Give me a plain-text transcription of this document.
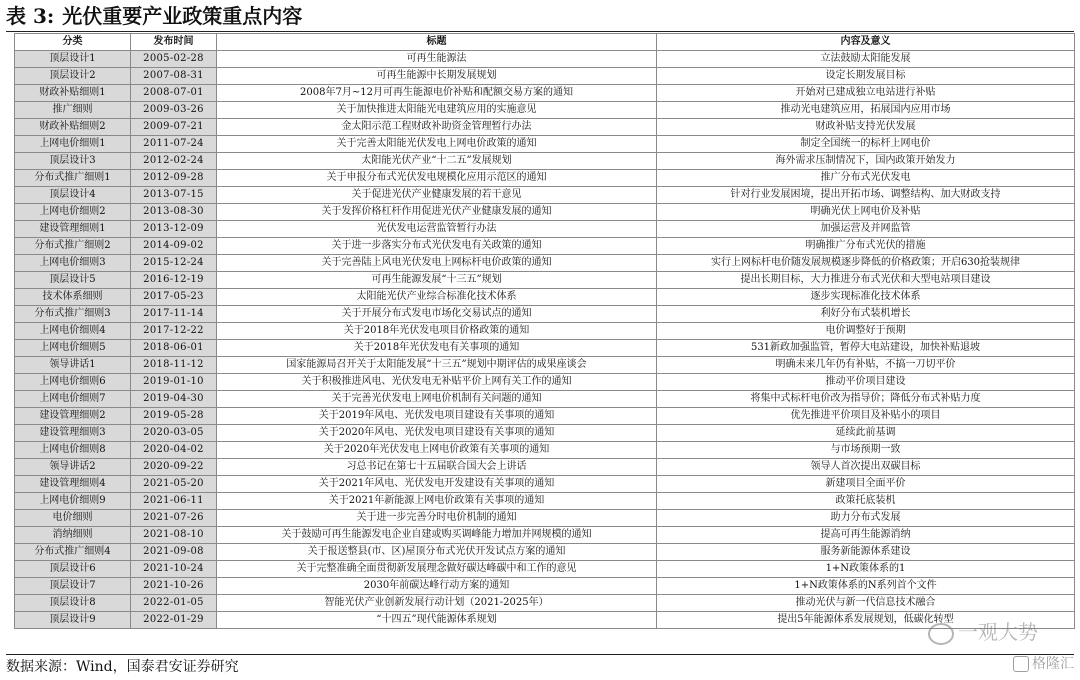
表 3: 光伏重要产业政策重点内容
分类	发布时间	标题	内容及意义
顶层设计1	2005-02-28	可再生能源法	立法鼓励太阳能发展
顶层设计2	2007-08-31	可再生能源中长期发展规划	设定长期发展目标
财政补贴细则1	2008-07-01	2008年7月~12月可再生能源电价补贴和配额交易方案的通知	开始对已建成独立电站进行补贴
推广细则	2009-03-26	关于加快推进太阳能光电建筑应用的实施意见	推动光电建筑应用，拓展国内应用市场
财政补贴细则2	2009-07-21	金太阳示范工程财政补助资金管理暂行办法	财政补贴支持光伏发展
上网电价细则1	2011-07-24	关于完善太阳能光伏发电上网电价政策的通知	制定全国统一的标杆上网电价
顶层设计3	2012-02-24	太阳能光伏产业“十二五”发展规划	海外需求压制情况下，国内政策开始发力
分布式推广细则1	2012-09-28	关于申报分布式光伏发电规模化应用示范区的通知	推广分布式光伏发电
顶层设计4	2013-07-15	关于促进光伏产业健康发展的若干意见	针对行业发展困境，提出开拓市场、调整结构、加大财政支持
上网电价细则2	2013-08-30	关于发挥价格杠杆作用促进光伏产业健康发展的通知	明确光伏上网电价及补贴
建设管理细则1	2013-12-09	光伏发电运营监管暂行办法	加强运营及并网监管
分布式推广细则2	2014-09-02	关于进一步落实分布式光伏发电有关政策的通知	明确推广分布式光伏的措施
上网电价细则3	2015-12-24	关于完善陆上风电光伏发电上网标杆电价政策的通知	实行上网标杆电价随发展规模逐步降低的价格政策；开启630抢装规律
顶层设计5	2016-12-19	可再生能源发展“十三五”规划	提出长期目标，大力推进分布式光伏和大型电站项目建设
技术体系细则	2017-05-23	太阳能光伏产业综合标准化技术体系	逐步实现标准化技术体系
分布式推广细则3	2017-11-14	关于开展分布式发电市场化交易试点的通知	利好分布式装机增长
上网电价细则4	2017-12-22	关于2018年光伏发电项目价格政策的通知	电价调整好于预期
上网电价细则5	2018-06-01	关于2018年光伏发电有关事项的通知	531新政加强监管，暂停大电站建设，加快补贴退坡
领导讲话1	2018-11-12	国家能源局召开关于太阳能发展“十三五”规划中期评估的成果座谈会	明确未来几年仍有补贴，不搞一刀切平价
上网电价细则6	2019-01-10	关于积极推进风电、光伏发电无补贴平价上网有关工作的通知	推动平价项目建设
上网电价细则7	2019-04-30	关于完善光伏发电上网电价机制有关问题的通知	将集中式标杆电价改为指导价；降低分布式补贴力度
建设管理细则2	2019-05-28	关于2019年风电、光伏发电项目建设有关事项的通知	优先推进平价项目及补贴小的项目
建设管理细则3	2020-03-05	关于2020年风电、光伏发电项目建设有关事项的通知	延续此前基调
上网电价细则8	2020-04-02	关于2020年光伏发电上网电价政策有关事项的通知	与市场预期一致
领导讲话2	2020-09-22	习总书记在第七十五届联合国大会上讲话	领导人首次提出双碳目标
建设管理细则4	2021-05-20	关于2021年风电、光伏发电开发建设有关事项的通知	新建项目全面平价
上网电价细则9	2021-06-11	关于2021年新能源上网电价政策有关事项的通知	政策托底装机
电价细则	2021-07-26	关于进一步完善分时电价机制的通知	助力分布式发展
消纳细则	2021-08-10	关于鼓励可再生能源发电企业自建或购买调峰能力增加并网规模的通知	提高可再生能源消纳
分布式推广细则4	2021-09-08	关于报送整县(市、区)屋顶分布式光伏开发试点方案的通知	服务新能源体系建设
顶层设计6	2021-10-24	关于完整准确全面贯彻新发展理念做好碳达峰碳中和工作的意见	1+N政策体系的1
顶层设计7	2021-10-26	2030年前碳达峰行动方案的通知	1+N政策体系的N系列首个文件
顶层设计8	2022-01-05	智能光伏产业创新发展行动计划（2021-2025年）	推动光伏与新一代信息技术融合
顶层设计9	2022-01-29	“十四五”现代能源体系规划	提出5年能源体系发展规划，低碳化转型
数据来源：Wind，国泰君安证券研究
一观大势
格隆汇
